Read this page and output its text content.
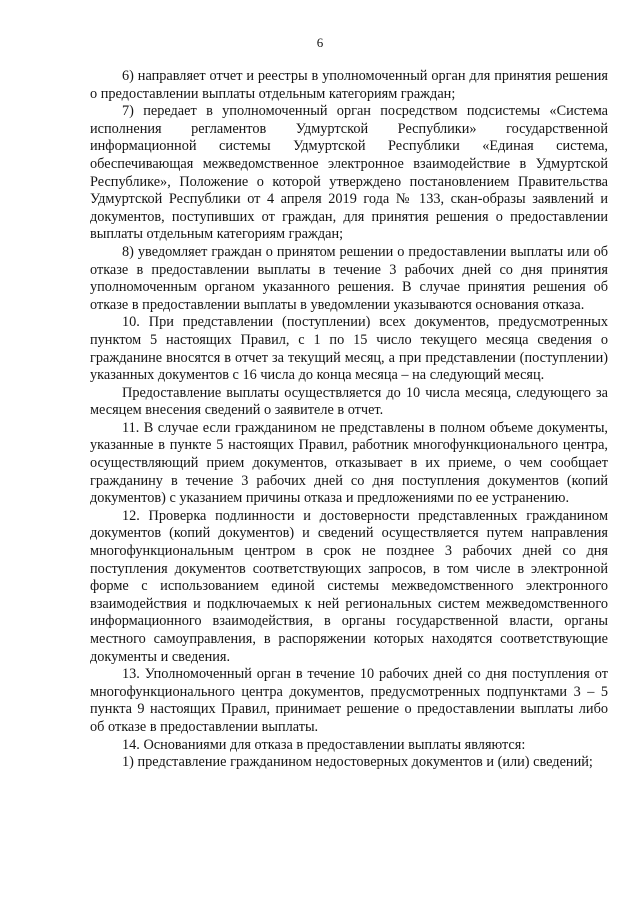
6

6) направляет отчет и реестры в уполномоченный орган для принятия решения о предоставлении выплаты отдельным категориям граждан;

7) передает в уполномоченный орган посредством подсистемы «Система исполнения регламентов Удмуртской Республики» государственной информационной системы Удмуртской Республики «Единая система, обеспечивающая межведомственное электронное взаимодействие в Удмуртской Республике», Положение о которой утверждено постановлением Правительства Удмуртской Республики от 4 апреля 2019 года № 133, скан-образы заявлений и документов, поступивших от граждан, для принятия решения о предоставлении выплаты отдельным категориям граждан;

8) уведомляет граждан о принятом решении о предоставлении выплаты или об отказе в предоставлении выплаты в течение 3 рабочих дней со дня принятия уполномоченным органом указанного решения. В случае принятия решения об отказе в предоставлении выплаты в уведомлении указываются основания отказа.

10. При представлении (поступлении) всех документов, предусмотренных пунктом 5 настоящих Правил, с 1 по 15 число текущего месяца сведения о гражданине вносятся в отчет за текущий месяц, а при представлении (поступлении) указанных документов с 16 числа до конца месяца – на следующий месяц.

Предоставление выплаты осуществляется до 10 числа месяца, следующего за месяцем внесения сведений о заявителе в отчет.

11. В случае если гражданином не представлены в полном объеме документы, указанные в пункте 5 настоящих Правил, работник многофункционального центра, осуществляющий прием документов, отказывает в их приеме, о чем сообщает гражданину в течение 3 рабочих дней со дня поступления документов (копий документов) с указанием причины отказа и предложениями по ее устранению.

12. Проверка подлинности и достоверности представленных гражданином документов (копий документов) и сведений осуществляется путем направления многофункциональным центром в срок не позднее 3 рабочих дней со дня поступления документов соответствующих запросов, в том числе в электронной форме с использованием единой системы межведомственного электронного взаимодействия и подключаемых к ней региональных систем межведомственного информационного взаимодействия, в органы государственной власти, органы местного самоуправления, в распоряжении которых находятся соответствующие документы и сведения.

13. Уполномоченный орган в течение 10 рабочих дней со дня поступления от многофункционального центра документов, предусмотренных подпунктами 3 – 5 пункта 9 настоящих Правил, принимает решение о предоставлении выплаты либо об отказе в предоставлении выплаты.

14. Основаниями для отказа в предоставлении выплаты являются:

1) представление гражданином недостоверных документов и (или) сведений;
